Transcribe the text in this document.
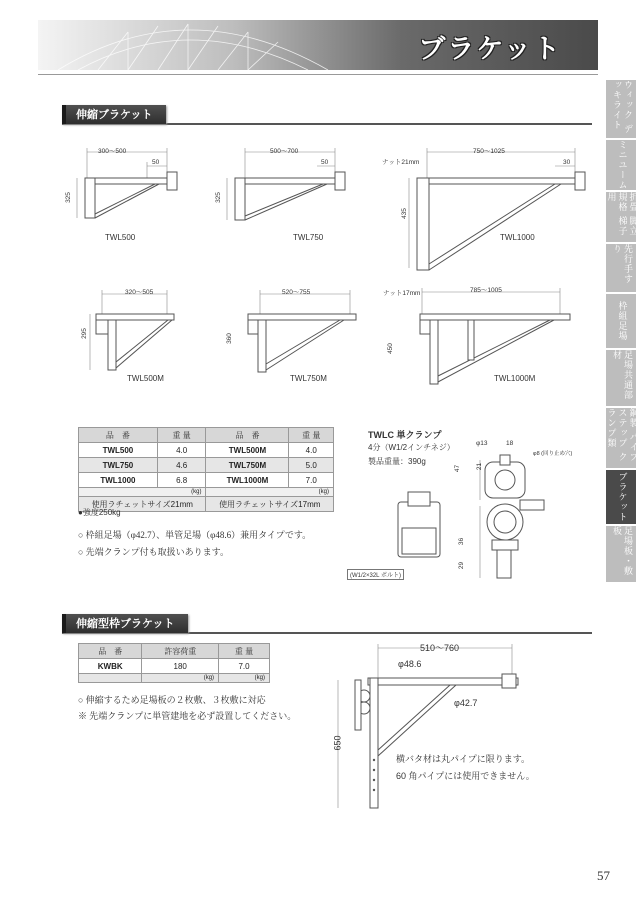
ブラケット
ウィック デッキライト
ミニユーム
折畳 脚立 規格 梯子 用
先行手すり
枠組足場
足場共通部材
鋼製 パイプステップ クランプ類
ブラケット
足場板・敷板
伸縮ブラケット
300～500
50
325
TWL500
500～700
50
325
TWL750
750～1025
30
435
ナット21mm
TWL1000
320～505
295
TWL500M
520～755
360
TWL750M
785～1005
450
ナット17mm
TWL1000M
品　番	重 量	品　番	重 量
TWL500	4.0	TWL500M	4.0
TWL750	4.6	TWL750M	5.0
TWL1000	6.8	TWL1000M	7.0
(kg)		(kg)	
使用ラチェットサイズ21mm		使用ラチェットサイズ17mm	
●強度250kg
○ 枠組足場（φ42.7）、単管足場（φ48.6）兼用タイプです。
○ 先端クランプ付も取扱いあります。
TWLC 単クランプ
4分（W1/2インチネジ）
製品重量：390g
φ13	18
φ8 (回り止め穴)
47 21
36
29
(W1/2×32L ボルト)
伸縮型枠ブラケット
品　番	許容荷重	重 量
KWBK	180	7.0
	(kg)	(kg)
○ 伸縮するため足場板の２枚敷、３枚敷に対応
※ 先端クランプに単管建地を必ず設置してください。
510～760
φ48.6
φ42.7
650
横バタ材は丸パイプに限ります。
60 角パイプには使用できません。
57
